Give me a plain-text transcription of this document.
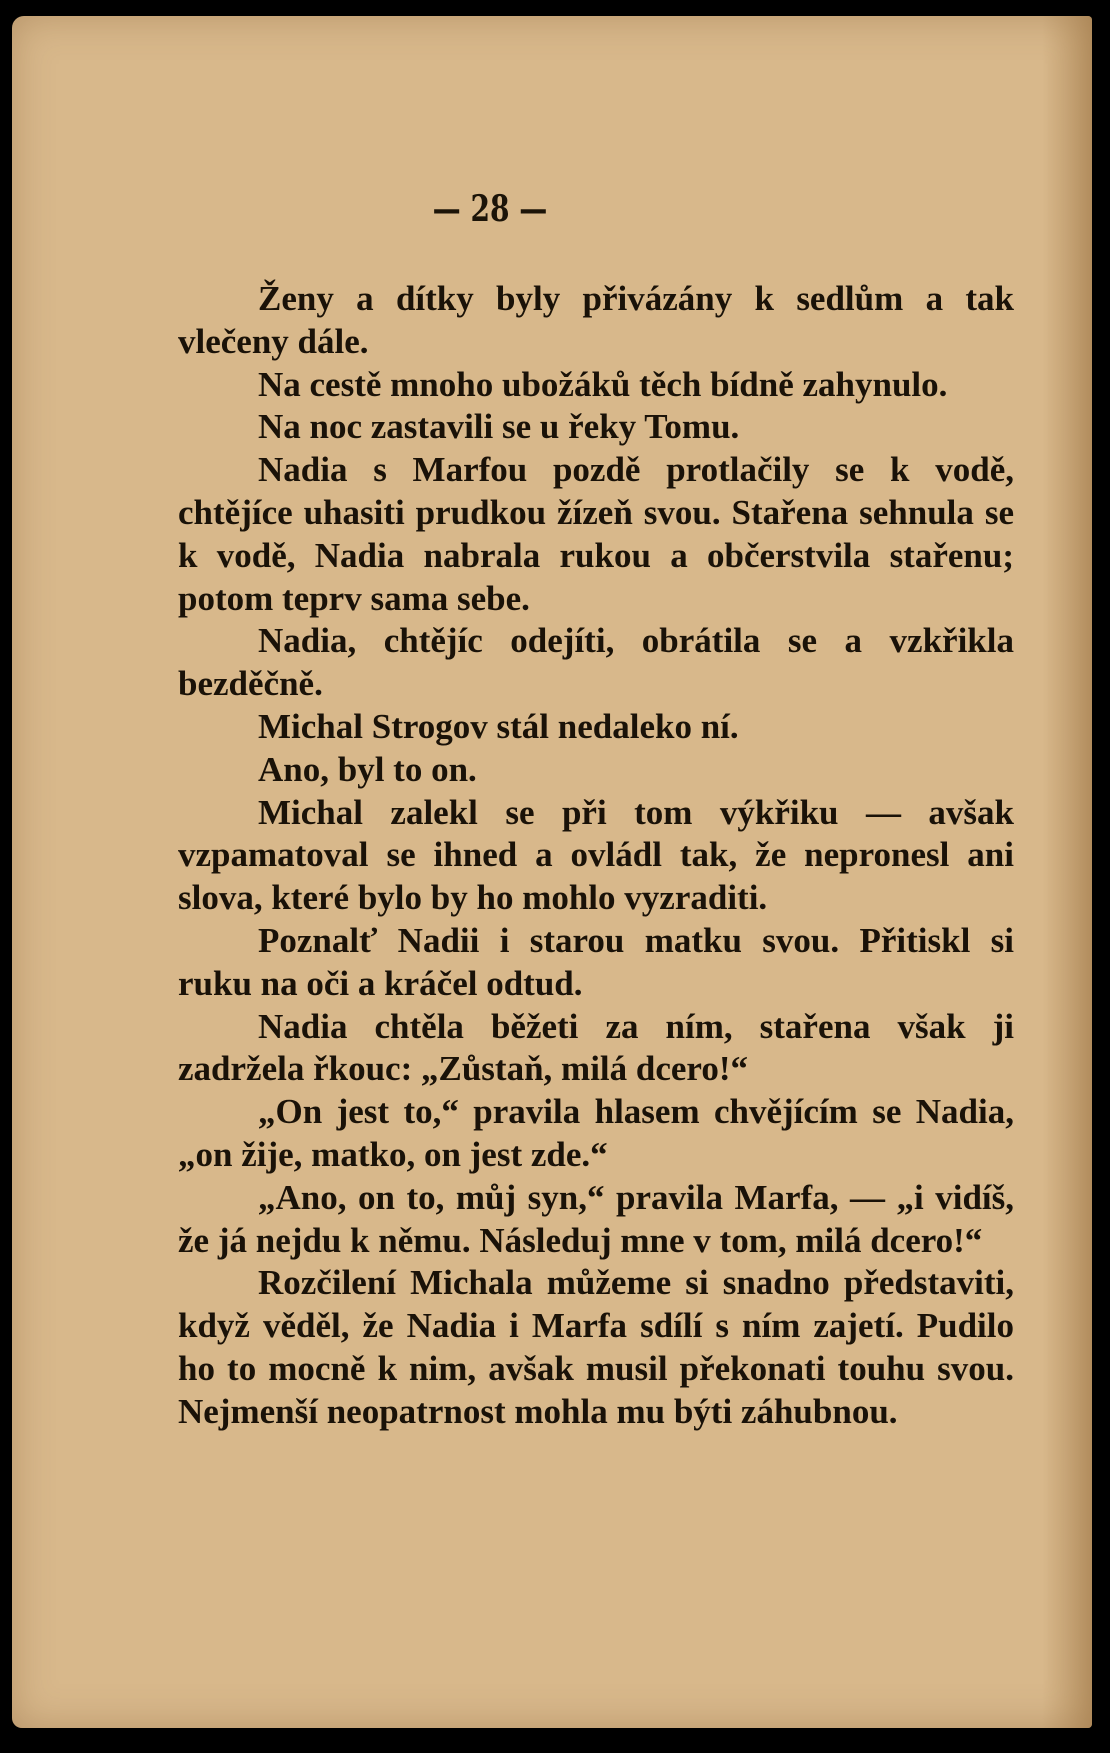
— 28 —

Ženy a dítky byly přivázány k sedlům a tak vlečeny dále.

Na cestě mnoho ubožáků těch bídně zahynulo.

Na noc zastavili se u řeky Tomu.

Nadia s Marfou pozdě protlačily se k vodě, chtějíce uhasiti prudkou žízeň svou. Stařena sehnula se k vodě, Nadia nabrala rukou a občerstvila stařenu; potom teprv sama sebe.

Nadia, chtějíc odejíti, obrátila se a vzkřikla bezděčně.

Michal Strogov stál nedaleko ní.

Ano, byl to on.

Michal zalekl se při tom výkřiku — avšak vzpamatoval se ihned a ovládl tak, že nepronesl ani slova, které bylo by ho mohlo vyzraditi.

Poznalť Nadii i starou matku svou. Přitiskl si ruku na oči a kráčel odtud.

Nadia chtěla běžeti za ním, stařena však ji zadržela řkouc: „Zůstaň, milá dcero!“

„On jest to,“ pravila hlasem chvějícím se Nadia, „on žije, matko, on jest zde.“

„Ano, on to, můj syn,“ pravila Marfa, — „i vidíš, že já nejdu k němu. Následuj mne v tom, milá dcero!“

Rozčilení Michala můžeme si snadno představiti, když věděl, že Nadia i Marfa sdílí s ním zajetí. Pudilo ho to mocně k nim, avšak musil překonati touhu svou. Nejmenší neopatrnost mohla mu býti záhubnou.
